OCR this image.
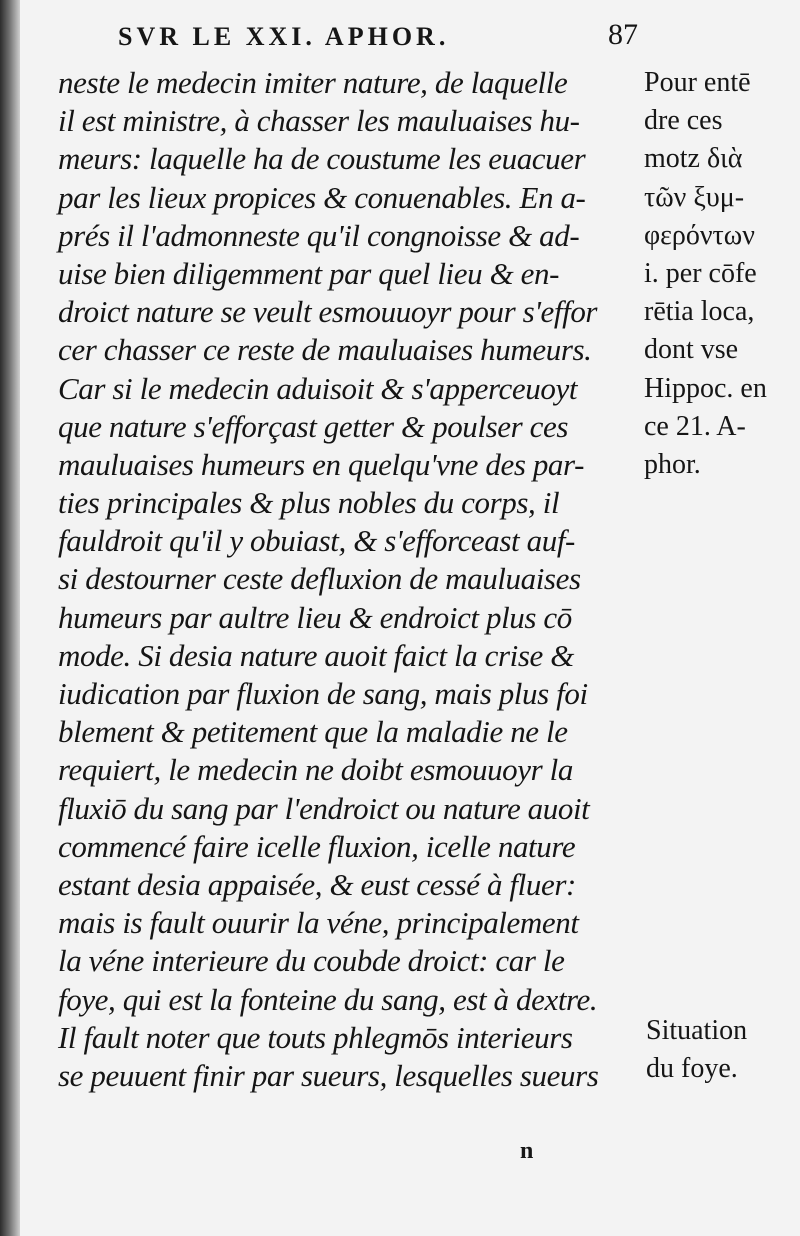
SVR LE XXI. APHOR.	87
neste le medecin imiter nature, de laquelle
il est ministre, à chasser les mauluaises hu-
meurs: laquelle ha de coustume les euacuer
par les lieux propices & conuenables. En a-
prés il l'admonneste qu'il congnoisse & ad-
uise bien diligemment par quel lieu & en-
droict nature se veult esmouuoyr pour s'effor
cer chasser ce reste de mauluaises humeurs.
Car si le medecin aduisoit & s'apperceuoyt
que nature s'efforçast getter & poulser ces
mauluaises humeurs en quelqu'vne des par-
ties principales & plus nobles du corps, il
fauldroit qu'il y obuiast, & s'efforceast auf-
si destourner ceste defluxion de mauluaises
humeurs par aultre lieu & endroict plus cō
mode. Si desia nature auoit faict la crise &
iudication par fluxion de sang, mais plus foi
blement & petitement que la maladie ne le
requiert, le medecin ne doibt esmouuoyr la
fluxiō du sang par l'endroict ou nature auoit
commencé faire icelle fluxion, icelle nature
estant desia appaisée, & eust cessé à fluer:
mais is fault ouurir la véne, principalement
la véne interieure du coubde droict: car le
foye, qui est la fonteine du sang, est à dextre.
Il fault noter que touts phlegmōs interieurs
se peuuent finir par sueurs, lesquelles sueurs
Pour entē
dre ces
motz διὰ
τῶν ξυμ-
φερόντων
i. per cōfe
rētia loca,
dont vse
Hippoc. en
ce 21. A-
phor.
Situation
du foye.
n
